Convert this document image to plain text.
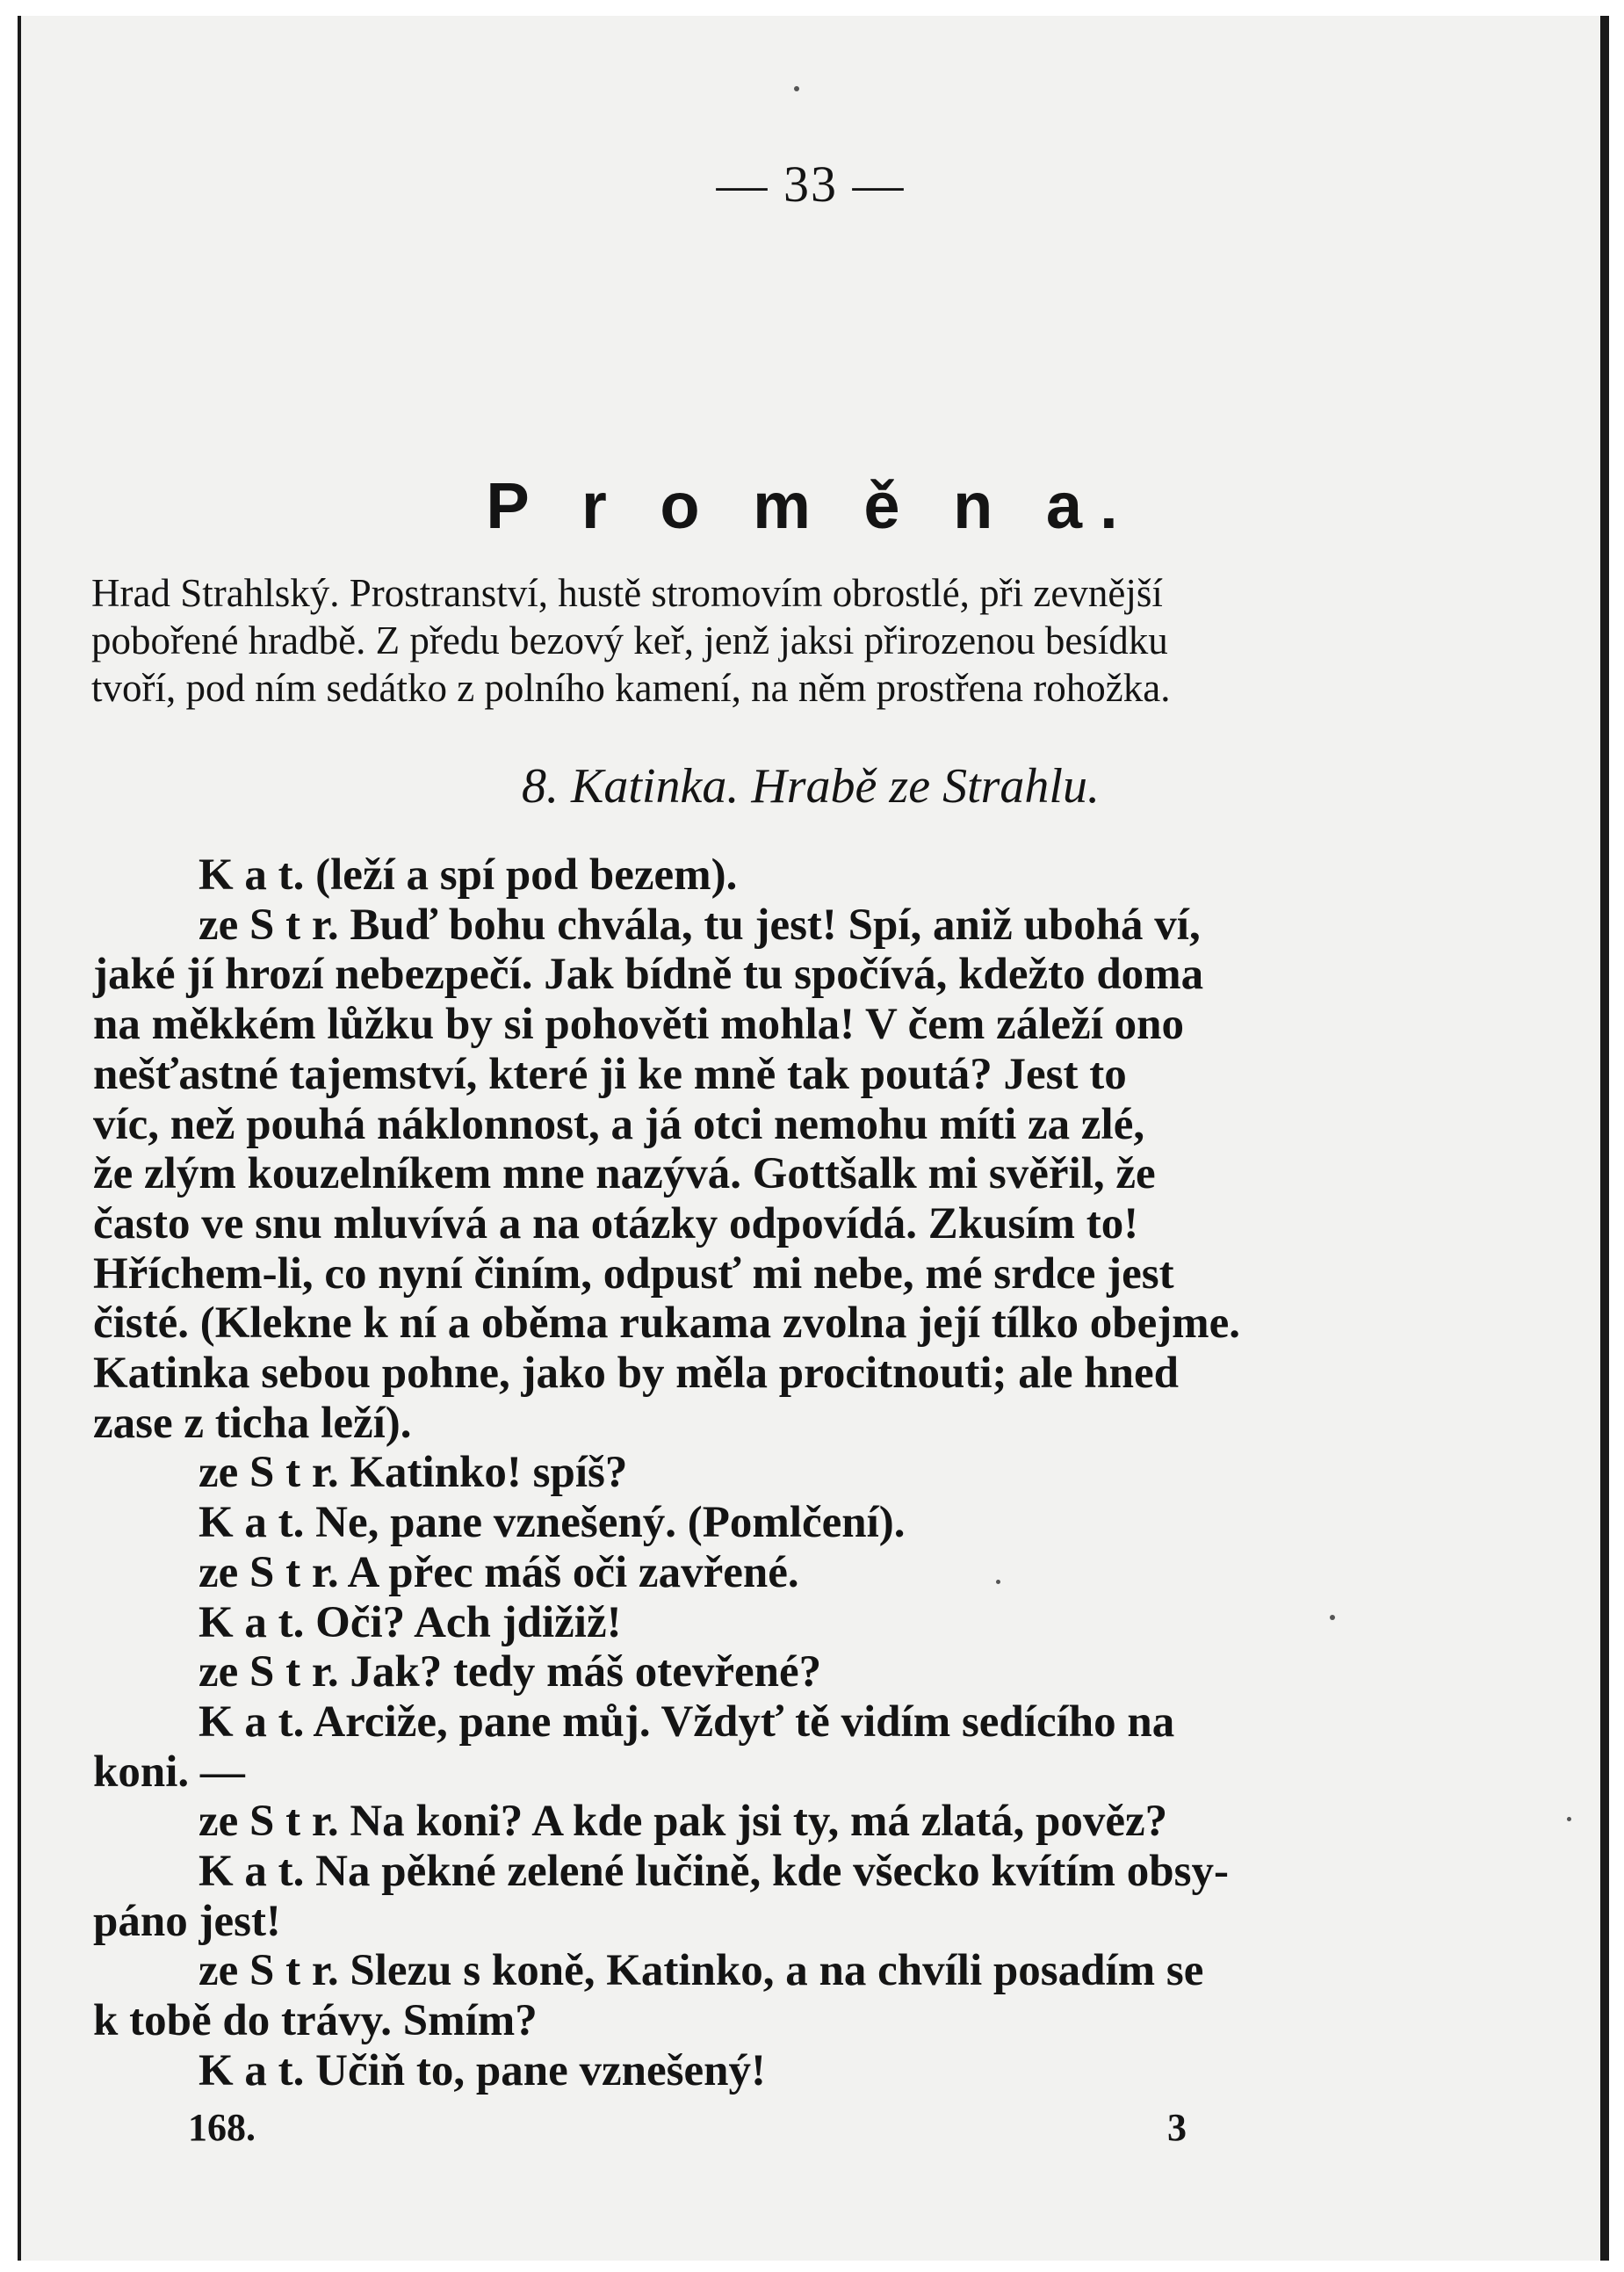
— 33 —
P r o m ě n a.
Hrad Strahlský. Prostranství, hustě stromovím obrostlé, při zevnější
pobořené hradbě. Z předu bezový keř, jenž jaksi přirozenou besídku
tvoří, pod ním sedátko z polního kamení, na něm prostřena rohožka.
8. Katinka. Hrabě ze Strahlu.
K a t. (leží a spí pod bezem).
ze S t r. Buď bohu chvála, tu jest! Spí, aniž ubohá ví,
jaké jí hrozí nebezpečí. Jak bídně tu spočívá, kdežto doma
na měkkém lůžku by si pohověti mohla! V čem záleží ono
nešťastné tajemství, které ji ke mně tak poutá? Jest to
víc, než pouhá náklonnost, a já otci nemohu míti za zlé,
že zlým kouzelníkem mne nazývá. Gottšalk mi svěřil, že
často ve snu mluvívá a na otázky odpovídá. Zkusím to!
Hříchem-li, co nyní činím, odpusť mi nebe, mé srdce jest
čisté. (Klekne k ní a oběma rukama zvolna její tílko obejme.
Katinka sebou pohne, jako by měla procitnouti; ale hned
zase z ticha leží).
ze S t r. Katinko! spíš?
K a t. Ne, pane vznešený. (Pomlčení).
ze S t r. A přec máš oči zavřené.
K a t. Oči? Ach jdižiž!
ze S t r. Jak? tedy máš otevřené?
K a t. Arciže, pane můj. Vždyť tě vidím sedícího na
koni. —
ze S t r. Na koni? A kde pak jsi ty, má zlatá, pověz?
K a t. Na pěkné zelené lučině, kde všecko kvítím obsy-
páno jest!
ze S t r. Slezu s koně, Katinko, a na chvíli posadím se
k tobě do trávy. Smím?
K a t. Učiň to, pane vznešený!
168.	3
